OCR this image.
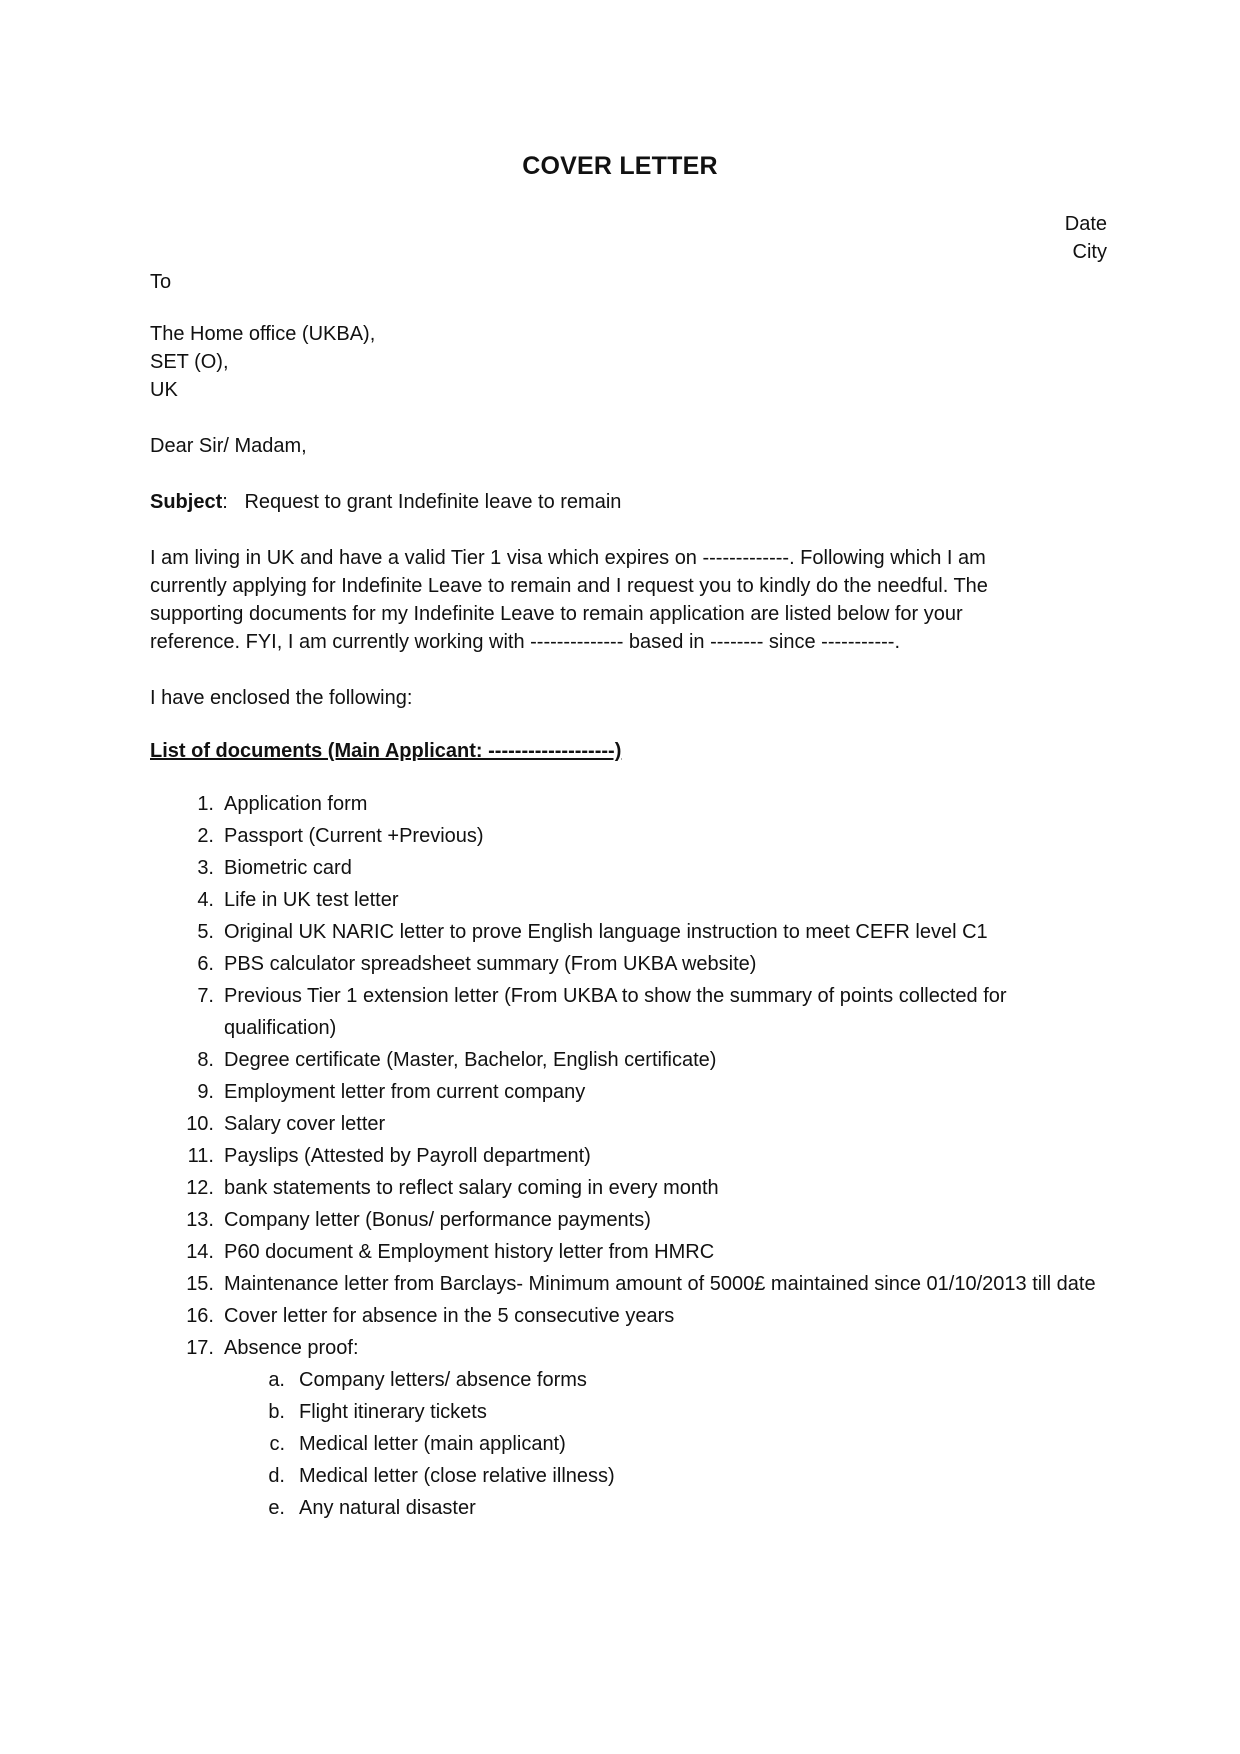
COVER LETTER
Date
City
To
The Home office (UKBA),
SET (O),
UK
Dear Sir/ Madam,
Subject: Request to grant Indefinite leave to remain
I am living in UK and have a valid Tier 1 visa which expires on -------------. Following which I am
currently applying for Indefinite Leave to remain and I request you to kindly do the needful. The
supporting documents for my Indefinite Leave to remain application are listed below for your
reference. FYI, I am currently working with -------------- based in -------- since -----------.
I have enclosed the following:
List of documents (Main Applicant: -------------------)
1. Application form
2. Passport (Current +Previous)
3. Biometric card
4. Life in UK test letter
5. Original UK NARIC letter to prove English language instruction to meet CEFR level C1
6. PBS calculator spreadsheet summary (From UKBA website)
7. Previous Tier 1 extension letter (From UKBA to show the summary of points collected for qualification)
8. Degree certificate (Master, Bachelor, English certificate)
9. Employment letter from current company
10. Salary cover letter
11. Payslips (Attested by Payroll department)
12. bank statements to reflect salary coming in every month
13. Company letter (Bonus/ performance payments)
14. P60 document & Employment history letter from HMRC
15. Maintenance letter from Barclays- Minimum amount of 5000£ maintained since 01/10/2013 till date
16. Cover letter for absence in the 5 consecutive years
17. Absence proof:
a. Company letters/ absence forms
b. Flight itinerary tickets
c. Medical letter (main applicant)
d. Medical letter (close relative illness)
e. Any natural disaster
